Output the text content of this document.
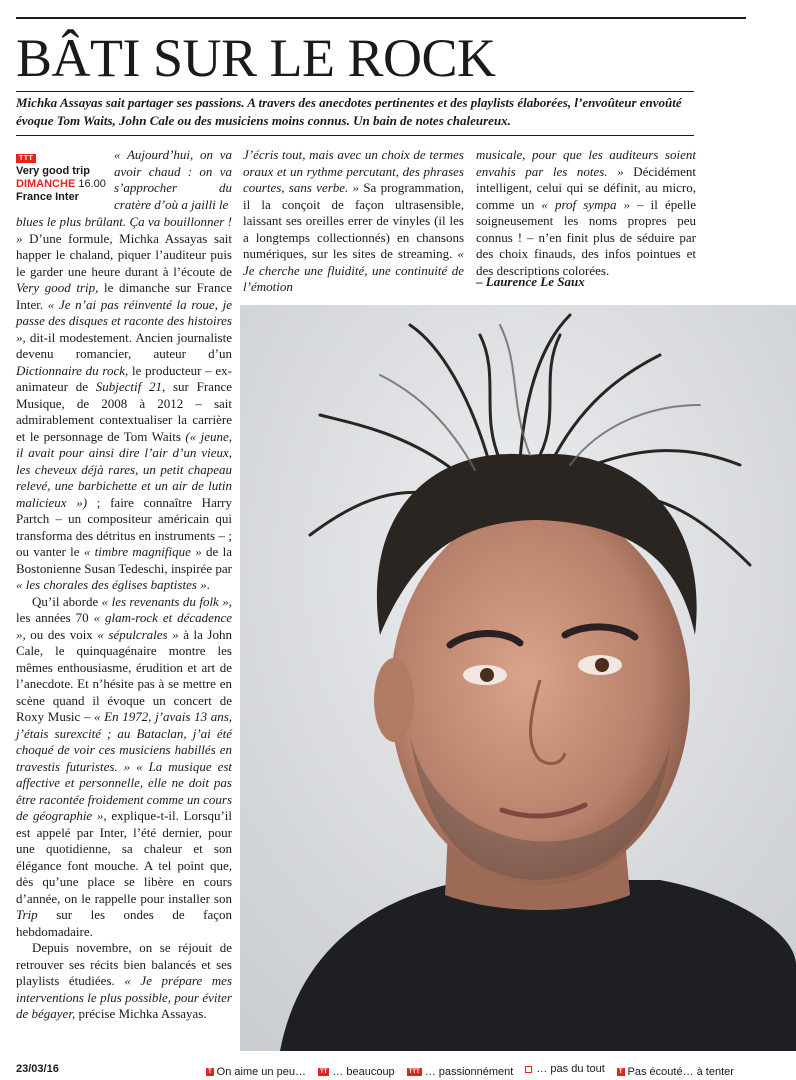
BÂTI SUR LE ROCK

Michka Assayas sait partager ses passions. A travers des anecdotes pertinentes et des playlists élaborées, l’envoûteur envoûté évoque Tom Waits, John Cale ou des musiciens moins connus. Un bain de notes chaleureux.

TTT
Very good trip
DIMANCHE 16.00
France Inter

« Aujourd’hui, on va avoir chaud : on va s’approcher du cratère d’où a jailli le

blues le plus brûlant. Ça va bouillonner ! » D’une formule, Michka Assayas sait happer le chaland, piquer l’auditeur puis le garder une heure durant à l’écoute de Very good trip, le dimanche sur France Inter. « Je n’ai pas réinventé la roue, je passe des disques et raconte des histoires », dit-il modestement. Ancien journaliste devenu romancier, auteur d’un Dictionnaire du rock, le producteur – ex-animateur de Subjectif 21, sur France Musique, de 2008 à 2012 – sait admirablement contextualiser la carrière et le personnage de Tom Waits (« jeune, il avait pour ainsi dire l’air d’un vieux, les cheveux déjà rares, un petit chapeau relevé, une barbichette et un air de lutin malicieux ») ; faire connaître Harry Partch – un compositeur américain qui transforma des détritus en instruments – ; ou vanter le « timbre magnifique » de la Bostonienne Susan Tedeschi, inspirée par « les chorales des églises baptistes ».

Qu’il aborde « les revenants du folk », les années 70 « glam-rock et décadence », ou des voix « sépulcrales » à la John Cale, le quinquagénaire montre les mêmes enthousiasme, érudition et art de l’anecdote. Et n’hésite pas à se mettre en scène quand il évoque un concert de Roxy Music – « En 1972, j’avais 13 ans, j’étais surexcité ; au Bataclan, j’ai été choqué de voir ces musiciens habillés en travestis futuristes. » « La musique est affective et personnelle, elle ne doit pas être racontée froidement comme un cours de géographie », explique-t-il. Lorsqu’il est appelé par Inter, l’été dernier, pour une quotidienne, sa chaleur et son élégance font mouche. A tel point que, dès qu’une place se libère en cours d’année, on le rappelle pour installer son Trip sur les ondes de façon hebdomadaire.

Depuis novembre, on se réjouit de retrouver ses récits bien balancés et ses playlists étudiées. « Je prépare mes interventions le plus possible, pour éviter de bégayer, précise Michka Assayas.

J’écris tout, mais avec un choix de termes oraux et un rythme percutant, des phrases courtes, sans verbe. » Sa programmation, il la conçoit de façon ultrasensible, laissant ses oreilles errer de vinyles (il les a longtemps collectionnés) en chansons numériques, sur les sites de streaming. « Je cherche une fluidité, une continuité de l’émotion

musicale, pour que les auditeurs soient envahis par les notes. » Décidément intelligent, celui qui se définit, au micro, comme un « prof sympa » – il épelle soigneusement les noms propres peu connus ! – n’en finit plus de séduire par des choix finauds, des infos pointues et des descriptions colorées.

– Laurence Le Saux
23/03/16	T On aime un peu…	TT … beaucoup	TTT … passionnément … pas du tout	T Pas écouté… à tenter
